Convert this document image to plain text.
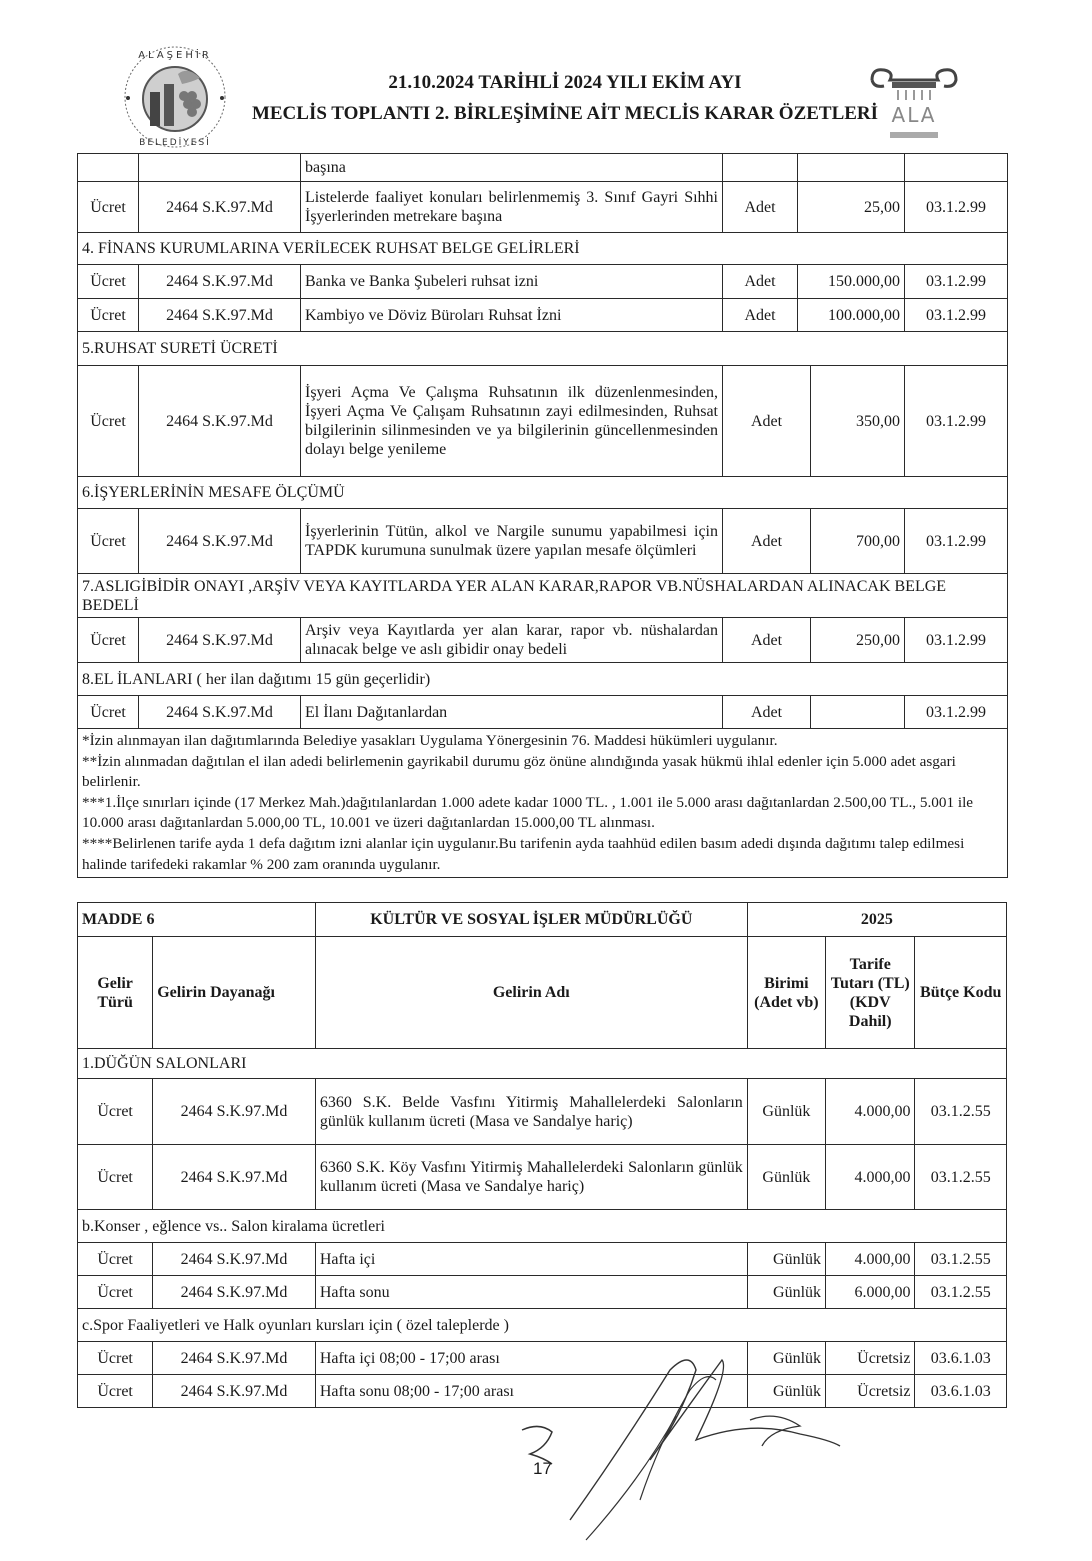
ALAŞEHİR
BELEDİYESİ
21.10.2024 TARİHLİ 2024 YILI EKİM AYI
MECLİS TOPLANTI 2. BİRLEŞİMİNE AİT MECLİS KARAR ÖZETLERİ ALA
		başına				
Ücret	2464 S.K.97.Md	Listelerde faaliyet konuları belirlenmemiş 3. Sınıf Gayri Sıhhi İşyerlerinden metrekare başına	Adet	25,00		03.1.2.99
4. FİNANS KURUMLARINA VERİLECEK RUHSAT BELGE GELİRLERİ						
Ücret	2464 S.K.97.Md	Banka ve Banka Şubeleri ruhsat izni	Adet	150.000,00		03.1.2.99
Ücret	2464 S.K.97.Md	Kambiyo ve Döviz Büroları Ruhsat İzni	Adet	100.000,00		03.1.2.99
5.RUHSAT SURETİ ÜCRETİ						
Ücret	2464 S.K.97.Md	İşyeri Açma Ve Çalışma Ruhsatının ilk düzenlenmesinden, İşyeri Açma Ve Çalışam Ruhsatının zayi edilmesinden, Ruhsat bilgilerinin silinmesinden ve ya bilgilerinin güncellenmesinden dolayı belge yenileme	Adet		350,00	03.1.2.99
6.İŞYERLERİNİN MESAFE ÖLÇÜMÜ						
Ücret	2464 S.K.97.Md	İşyerlerinin Tütün, alkol ve Nargile sunumu yapabilmesi için TAPDK kurumuna sunulmak üzere yapılan mesafe ölçümleri	Adet		700,00	03.1.2.99
7.ASLIGİBİDİR ONAYI ,ARŞİV VEYA KAYITLARDA YER ALAN KARAR,RAPOR VB.NÜSHALARDAN ALINACAK BELGE BEDELİ						
Ücret	2464 S.K.97.Md	Arşiv veya Kayıtlarda yer alan karar, rapor vb. nüshalardan alınacak belge ve aslı gibidir onay bedeli	Adet		250,00	03.1.2.99
8.EL İLANLARI ( her ilan dağıtımı 15 gün geçerlidir)						
Ücret	2464 S.K.97.Md	El İlanı Dağıtanlardan	Adet			03.1.2.99

*İzin alınmayan ilan dağıtımlarında Belediye yasakları Uygulama Yönergesinin 76. Maddesi hükümleri uygulanır.
**İzin alınmadan dağıtılan el ilan adedi belirlemenin gayrikabil durumu göz önüne alındığında yasak hükmü ihlal edenler için 5.000 adet asgari belirlenir.
***1.İlçe sınırları içinde (17 Merkez Mah.)dağıtılanlardan 1.000 adete kadar 1000 TL. , 1.001 ile 5.000 arası dağıtanlardan 2.500,00 TL., 5.001 ile 10.000 arası dağıtanlardan 5.000,00 TL, 10.001 ve üzeri dağıtanlardan 15.000,00 TL alınması.
****Belirlenen tarife ayda 1 defa dağıtım izni alanlar için uygulanır.Bu tarifenin ayda taahhüd edilen basım adedi dışında dağıtımı talep edilmesi halinde tarifedeki rakamlar % 200 zam oranında uygulanır.						
MADDE 6		KÜLTÜR VE SOSYAL İŞLER MÜDÜRLÜĞÜ	2025		
Gelir Türü	Gelirin Dayanağı	Gelirin Adı	Birimi (Adet vb)	Tarife Tutarı (TL) (KDV Dahil)	Bütçe Kodu
1.DÜĞÜN SALONLARI					
Ücret	2464 S.K.97.Md	6360 S.K. Belde Vasfını Yitirmiş Mahallelerdeki Salonların günlük kullanım ücreti (Masa ve Sandalye hariç)	Günlük	4.000,00	03.1.2.55
Ücret	2464 S.K.97.Md	6360 S.K. Köy Vasfını Yitirmiş Mahallelerdeki Salonların günlük kullanım ücreti (Masa ve Sandalye hariç)	Günlük	4.000,00	03.1.2.55
b.Konser , eğlence vs.. Salon kiralama ücretleri					
Ücret	2464 S.K.97.Md	Hafta içi	Günlük	4.000,00	03.1.2.55
Ücret	2464 S.K.97.Md	Hafta sonu	Günlük	6.000,00	03.1.2.55
c.Spor Faaliyetleri ve Halk oyunları kursları için ( özel taleplerde )					
Ücret	2464 S.K.97.Md	Hafta içi 08;00 - 17;00 arası	Günlük	Ücretsiz	03.6.1.03
Ücret	2464 S.K.97.Md	Hafta sonu 08;00 - 17;00 arası	Günlük	Ücretsiz	03.6.1.03
17
